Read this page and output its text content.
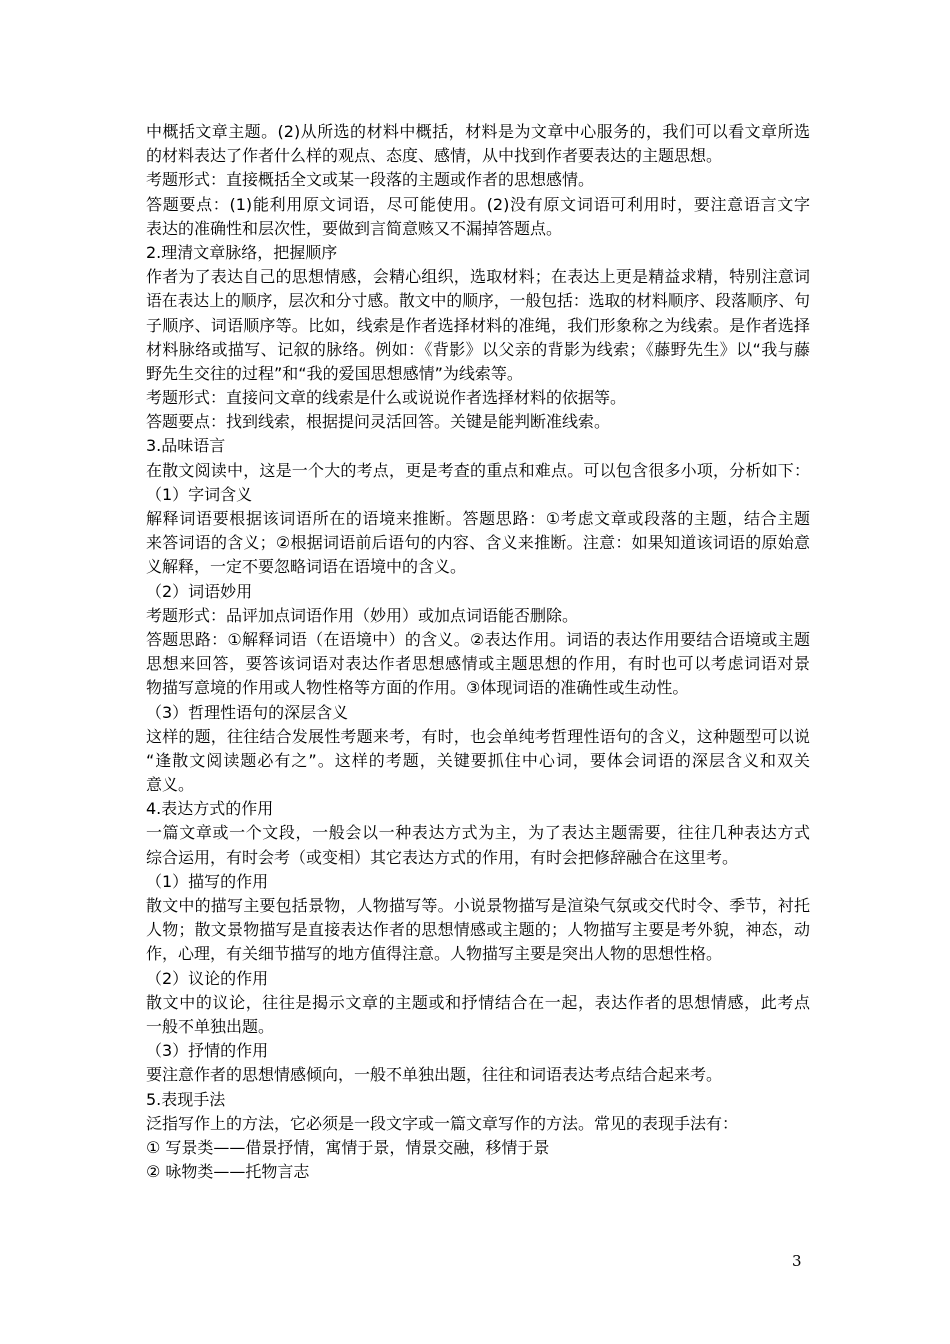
中概括文章主题。(2)从所选的材料中概括，材料是为文章中心服务的，我们可以看文章所选
的材料表达了作者什么样的观点、态度、感情，从中找到作者要表达的主题思想。
考题形式：直接概括全文或某一段落的主题或作者的思想感情。
答题要点：(1)能利用原文词语，尽可能使用。(2)没有原文词语可利用时，要注意语言文字
表达的准确性和层次性，要做到言简意赅又不漏掉答题点。
2.理清文章脉络，把握顺序
作者为了表达自己的思想情感，会精心组织，选取材料；在表达上更是精益求精，特别注意词
语在表达上的顺序，层次和分寸感。散文中的顺序，一般包括：选取的材料顺序、段落顺序、句
子顺序、词语顺序等。比如，线索是作者选择材料的准绳，我们形象称之为线索。是作者选择
材料脉络或描写、记叙的脉络。例如：《背影》以父亲的背影为线索；《藤野先生》以“我与藤
野先生交往的过程”和“我的爱国思想感情”为线索等。
考题形式：直接问文章的线索是什么或说说作者选择材料的依据等。
答题要点：找到线索，根据提问灵活回答。关键是能判断准线索。
3.品味语言
在散文阅读中，这是一个大的考点，更是考查的重点和难点。可以包含很多小项，分析如下：
（1）字词含义
解释词语要根据该词语所在的语境来推断。答题思路：①考虑文章或段落的主题，结合主题
来答词语的含义；②根据词语前后语句的内容、含义来推断。注意：如果知道该词语的原始意
义解释，一定不要忽略词语在语境中的含义。
（2）词语妙用
考题形式：品评加点词语作用（妙用）或加点词语能否删除。
答题思路：①解释词语（在语境中）的含义。②表达作用。词语的表达作用要结合语境或主题
思想来回答，要答该词语对表达作者思想感情或主题思想的作用，有时也可以考虑词语对景
物描写意境的作用或人物性格等方面的作用。③体现词语的准确性或生动性。
（3）哲理性语句的深层含义
这样的题，往往结合发展性考题来考，有时，也会单纯考哲理性语句的含义，这种题型可以说
“逢散文阅读题必有之”。这样的考题，关键要抓住中心词，要体会词语的深层含义和双关
意义。
4.表达方式的作用
一篇文章或一个文段，一般会以一种表达方式为主，为了表达主题需要，往往几种表达方式
综合运用，有时会考（或变相）其它表达方式的作用，有时会把修辞融合在这里考。
（1）描写的作用
散文中的描写主要包括景物，人物描写等。小说景物描写是渲染气氛或交代时令、季节，衬托
人物；散文景物描写是直接表达作者的思想情感或主题的；人物描写主要是考外貌，神态，动
作，心理，有关细节描写的地方值得注意。人物描写主要是突出人物的思想性格。
（2）议论的作用
散文中的议论，往往是揭示文章的主题或和抒情结合在一起，表达作者的思想情感，此考点
一般不单独出题。
（3）抒情的作用
要注意作者的思想情感倾向，一般不单独出题，往往和词语表达考点结合起来考。
5.表现手法
泛指写作上的方法，它必须是一段文字或一篇文章写作的方法。常见的表现手法有：
① 写景类——借景抒情，寓情于景，情景交融，移情于景
② 咏物类——托物言志
3
